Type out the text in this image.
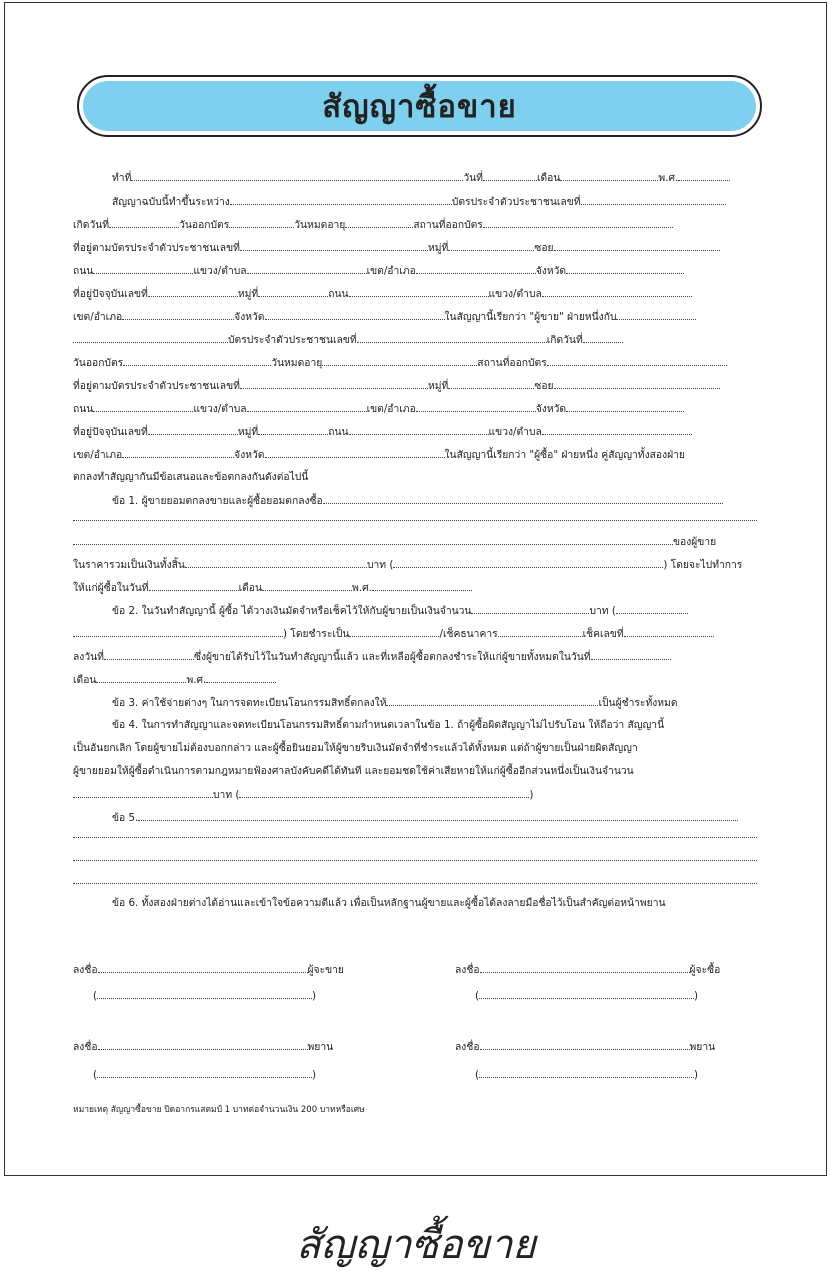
สัญญาซื้อขาย
ทำที่	วันที่	เดือน	พ.ศ.
สัญญาฉบับนี้ทำขึ้นระหว่าง	บัตรประจำตัวประชาชนเลขที่
เกิดวันที่	วันออกบัตร	วันหมดอายุ	สถานที่ออกบัตร
ที่อยู่ตามบัตรประจำตัวประชาชนเลขที่	หมู่ที่	ซอย
ถนน	แขวง/ตำบล	เขต/อำเภอ	จังหวัด
ที่อยู่ปัจจุบันเลขที่	หมู่ที่	ถนน	แขวง/ตำบล
เขต/อำเภอ	จังหวัด	ในสัญญานี้เรียกว่า "ผู้ขาย" ฝ่ายหนึ่งกับ
บัตรประจำตัวประชาชนเลขที่	เกิดวันที่
วันออกบัตร	วันหมดอายุ	สถานที่ออกบัตร
ที่อยู่ตามบัตรประจำตัวประชาชนเลขที่	หมู่ที่	ซอย
ถนน	แขวง/ตำบล	เขต/อำเภอ	จังหวัด
ที่อยู่ปัจจุบันเลขที่	หมู่ที่	ถนน	แขวง/ตำบล
เขต/อำเภอ	จังหวัด	ในสัญญานี้เรียกว่า "ผู้ซื้อ" ฝ่ายหนึ่ง คู่สัญญาทั้งสองฝ่าย
ตกลงทำสัญญากันมีข้อเสนอและข้อตกลงกันดังต่อไปนี้
ข้อ 1. ผู้ขายยอมตกลงขายและผู้ซื้อยอมตกลงซื้อ
ของผู้ขาย
ในราคารวมเป็นเงินทั้งสิ้น	บาท (	) โดยจะไปทำการ
ให้แก่ผู้ซื้อในวันที่	เดือน	พ.ศ.
ข้อ 2. ในวันทำสัญญานี้ ผู้ซื้อ ได้วางเงินมัดจำหรือเช็คไว้ให้กับผู้ขายเป็นเงินจำนวน	บาท (
) โดยชำระเป็น	/เช็คธนาคาร	เช็คเลขที่
ลงวันที่	ซึ่งผู้ขายได้รับไว้ในวันทำสัญญานี้แล้ว และที่เหลือผู้ซื้อตกลงชำระให้แก่ผู้ขายทั้งหมดในวันที่
เดือน	พ.ศ.
ข้อ 3. ค่าใช้จ่ายต่างๆ ในการจดทะเบียนโอนกรรมสิทธิ์ตกลงให้	เป็นผู้ชำระทั้งหมด
ข้อ 4. ในการทำสัญญาและจดทะเบียนโอนกรรมสิทธิ์ตามกำหนดเวลาในข้อ 1. ถ้าผู้ซื้อผิดสัญญาไม่ไปรับโอน ให้ถือว่า สัญญานี้
เป็นอันยกเลิก โดยผู้ขายไม่ต้องบอกกล่าว และผู้ซื้อยินยอมให้ผู้ขายริบเงินมัดจำที่ชำระแล้วได้ทั้งหมด แต่ถ้าผู้ขายเป็นฝ่ายผิดสัญญา
ผู้ขายยอมให้ผู้ซื้อดำเนินการตามกฎหมายฟ้องศาลบังคับคดีได้ทันที และยอมชดใช้ค่าเสียหายให้แก่ผู้ซื้ออีกส่วนหนึ่งเป็นเงินจำนวน
บาท (	)
ข้อ 5.
ข้อ 6. ทั้งสองฝ่ายต่างได้อ่านและเข้าใจข้อความดีแล้ว เพื่อเป็นหลักฐานผู้ขายและผู้ซื้อได้ลงลายมือชื่อไว้เป็นสำคัญต่อหน้าพยาน
ลงชื่อ	ผู้จะขาย
(	)
ลงชื่อ	ผู้จะซื้อ
(	)
ลงชื่อ	พยาน
(	)
ลงชื่อ	พยาน
(	)
หมายเหตุ สัญญาซื้อขาย ปิดอากรแสตมป์ 1 บาทต่อจำนวนเงิน 200 บาทหรือเศษ
สัญญาซื้อขาย
